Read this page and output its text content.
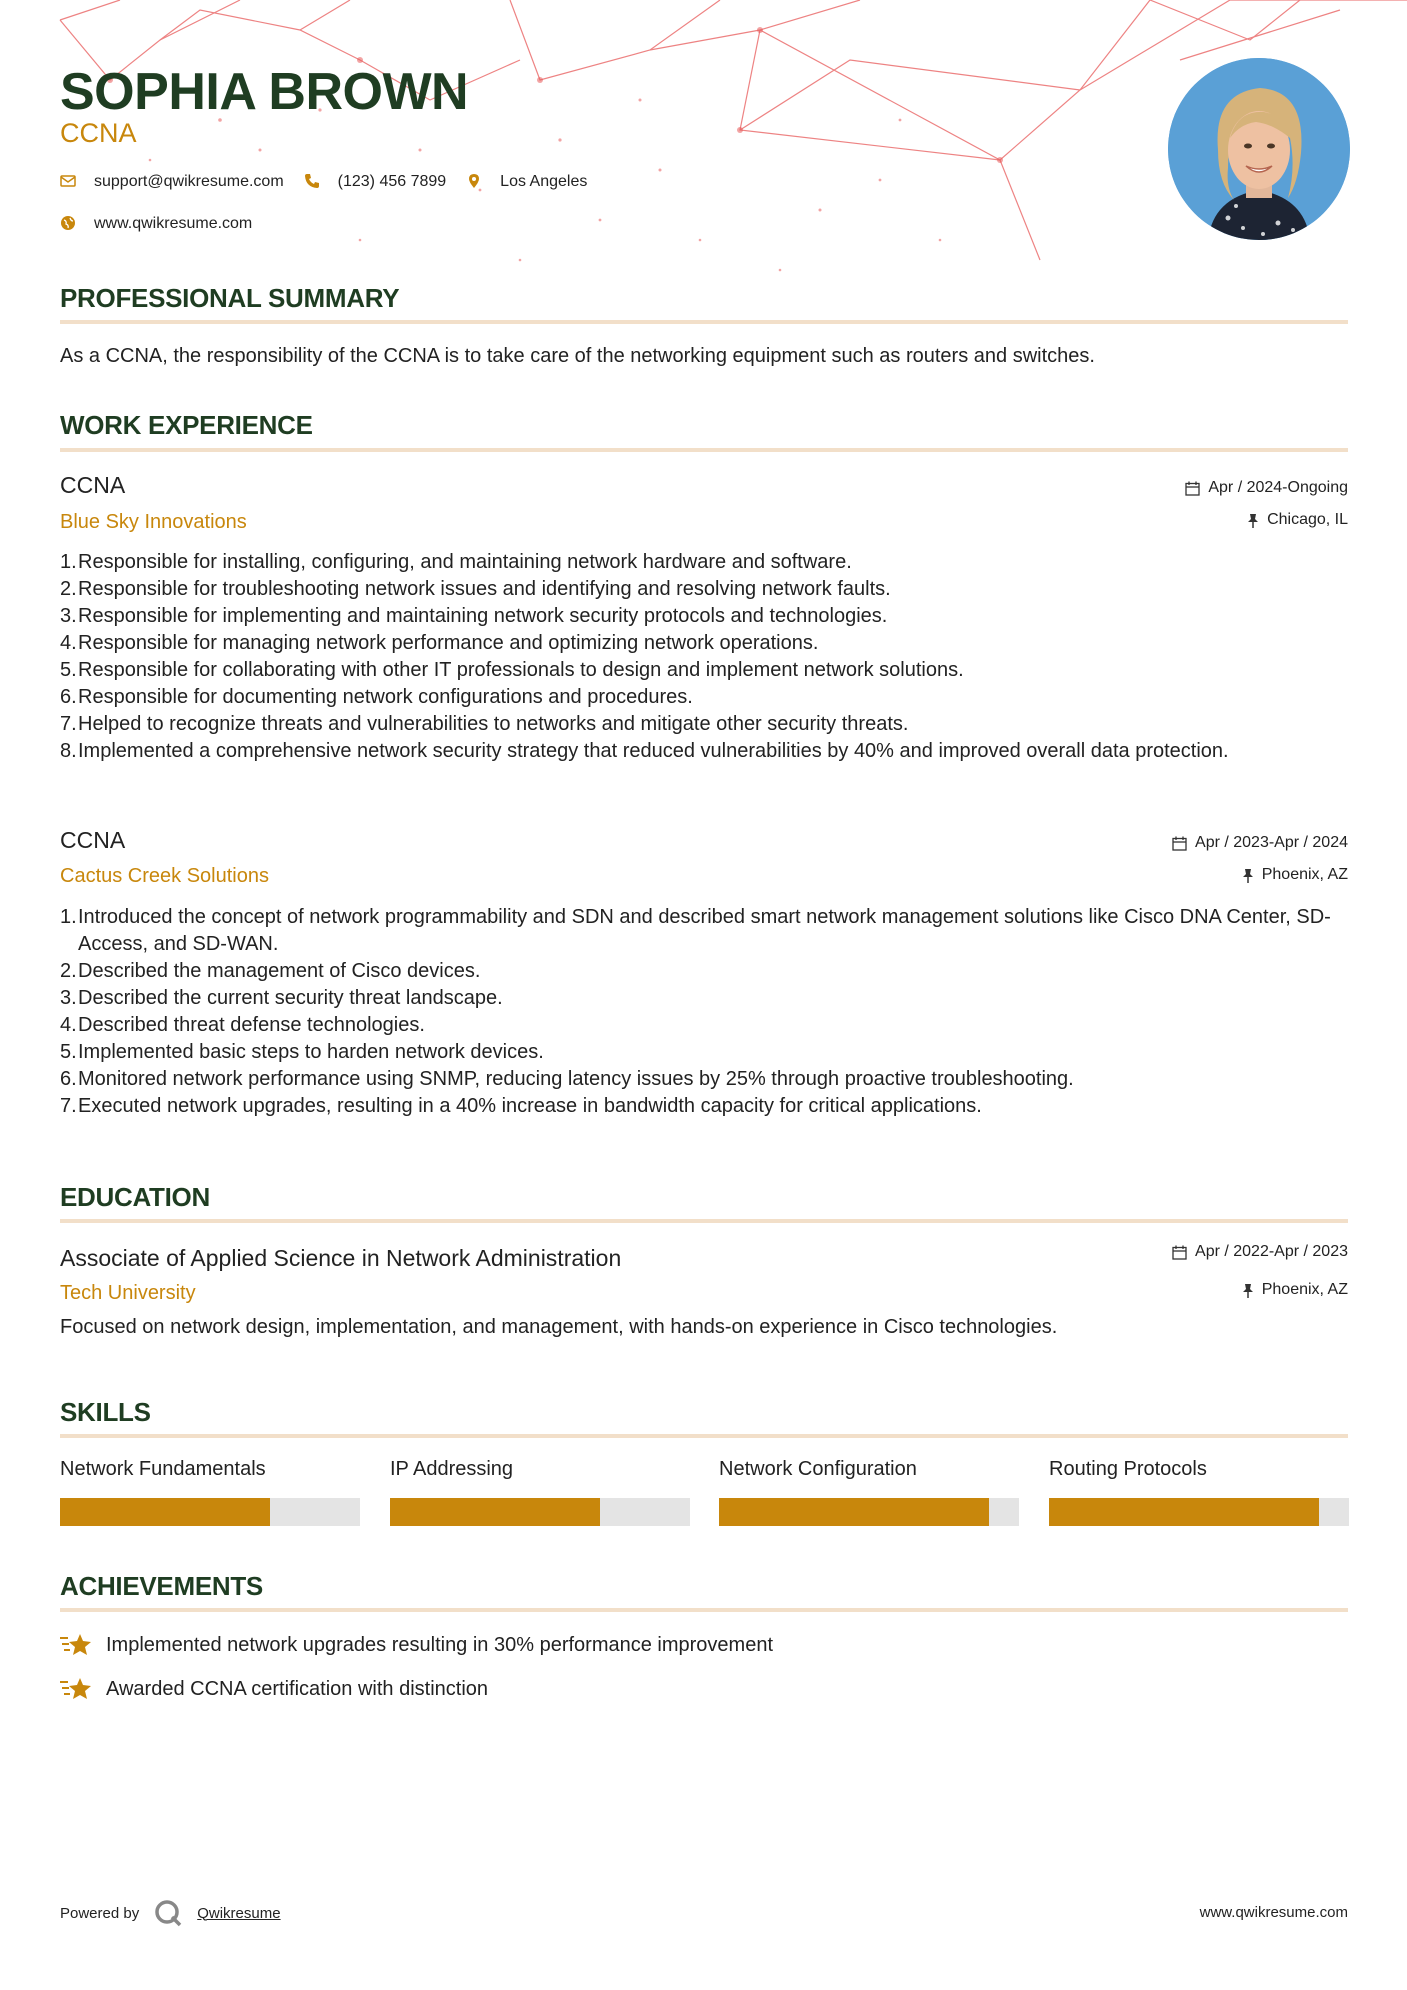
SOPHIA BROWN
CCNA
support@qwikresume.com	(123) 456 7899	Los Angeles
www.qwikresume.com
PROFESSIONAL SUMMARY
As a CCNA, the responsibility of the CCNA is to take care of the networking equipment such as routers and switches.
WORK EXPERIENCE
CCNA
Blue Sky Innovations
Apr / 2024-Ongoing
Chicago, IL
1. Responsible for installing, configuring, and maintaining network hardware and software.
2. Responsible for troubleshooting network issues and identifying and resolving network faults.
3. Responsible for implementing and maintaining network security protocols and technologies.
4. Responsible for managing network performance and optimizing network operations.
5. Responsible for collaborating with other IT professionals to design and implement network solutions.
6. Responsible for documenting network configurations and procedures.
7. Helped to recognize threats and vulnerabilities to networks and mitigate other security threats.
8. Implemented a comprehensive network security strategy that reduced vulnerabilities by 40% and improved overall data protection.
CCNA
Cactus Creek Solutions
Apr / 2023-Apr / 2024
Phoenix, AZ
1. Introduced the concept of network programmability and SDN and described smart network management solutions like Cisco DNA Center, SD-Access, and SD-WAN.
2. Described the management of Cisco devices.
3. Described the current security threat landscape.
4. Described threat defense technologies.
5. Implemented basic steps to harden network devices.
6. Monitored network performance using SNMP, reducing latency issues by 25% through proactive troubleshooting.
7. Executed network upgrades, resulting in a 40% increase in bandwidth capacity for critical applications.
EDUCATION
Associate of Applied Science in Network Administration
Tech University
Apr / 2022-Apr / 2023
Phoenix, AZ
Focused on network design, implementation, and management, with hands-on experience in Cisco technologies.
SKILLS
Network Fundamentals	IP Addressing	Network Configuration	Routing Protocols
ACHIEVEMENTS
Implemented network upgrades resulting in 30% performance improvement
Awarded CCNA certification with distinction
Powered by	Qwikresume	www.qwikresume.com
